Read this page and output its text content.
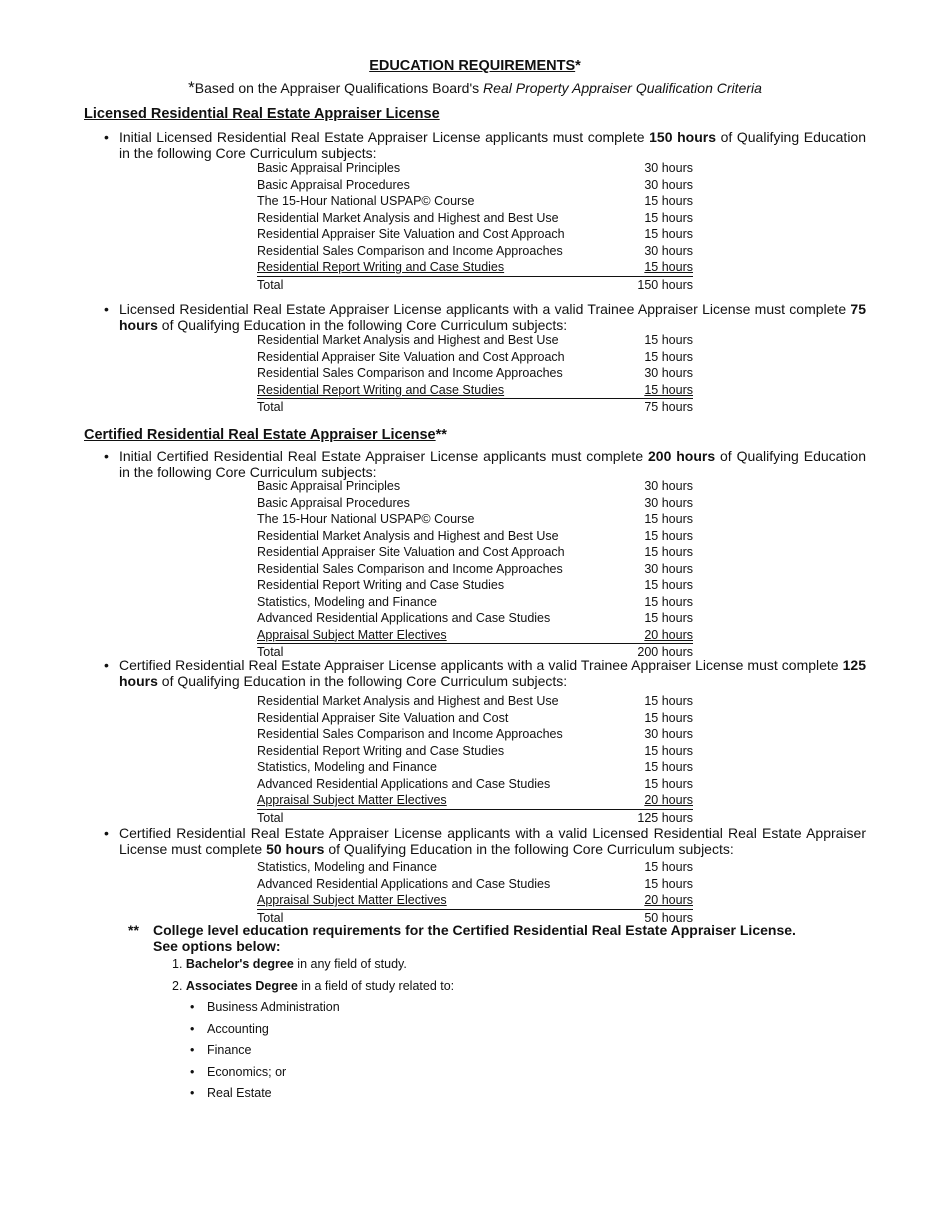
EDUCATION REQUIREMENTS*
*Based on the Appraiser Qualifications Board's Real Property Appraiser Qualification Criteria
Licensed Residential Real Estate Appraiser License
• Initial Licensed Residential Real Estate Appraiser License applicants must complete 150 hours of Qualifying Education in the following Core Curriculum subjects:
Basic Appraisal Principles	30 hours
Basic Appraisal Procedures	30 hours
The 15-Hour National USPAP© Course	15 hours
Residential Market Analysis and Highest and Best Use	15 hours
Residential Appraiser Site Valuation and Cost Approach	15 hours
Residential Sales Comparison and Income Approaches	30 hours
Residential Report Writing and Case Studies	15 hours
Total	150 hours
• Licensed Residential Real Estate Appraiser License applicants with a valid Trainee Appraiser License must complete 75 hours of Qualifying Education in the following Core Curriculum subjects:
Residential Market Analysis and Highest and Best Use	15 hours
Residential Appraiser Site Valuation and Cost Approach	15 hours
Residential Sales Comparison and Income Approaches	30 hours
Residential Report Writing and Case Studies	15 hours
Total	75 hours
Certified Residential Real Estate Appraiser License**
• Initial Certified Residential Real Estate Appraiser License applicants must complete 200 hours of Qualifying Education in the following Core Curriculum subjects:
Basic Appraisal Principles	30 hours
Basic Appraisal Procedures	30 hours
The 15-Hour National USPAP© Course	15 hours
Residential Market Analysis and Highest and Best Use	15 hours
Residential Appraiser Site Valuation and Cost Approach	15 hours
Residential Sales Comparison and Income Approaches	30 hours
Residential Report Writing and Case Studies	15 hours
Statistics, Modeling and Finance	15 hours
Advanced Residential Applications and Case Studies	15 hours
Appraisal Subject Matter Electives	20 hours
Total	200 hours
• Certified Residential Real Estate Appraiser License applicants with a valid Trainee Appraiser License must complete 125 hours of Qualifying Education in the following Core Curriculum subjects:
Residential Market Analysis and Highest and Best Use	15 hours
Residential Appraiser Site Valuation and Cost	15 hours
Residential Sales Comparison and Income Approaches	30 hours
Residential Report Writing and Case Studies	15 hours
Statistics, Modeling and Finance	15 hours
Advanced Residential Applications and Case Studies	15 hours
Appraisal Subject Matter Electives	20 hours
Total	125 hours
• Certified Residential Real Estate Appraiser License applicants with a valid Licensed Residential Real Estate Appraiser License must complete 50 hours of Qualifying Education in the following Core Curriculum subjects:
Statistics, Modeling and Finance	15 hours
Advanced Residential Applications and Case Studies	15 hours
Appraisal Subject Matter Electives	20 hours
Total	50 hours
** College level education requirements for the Certified Residential Real Estate Appraiser License.
See options below:
1. Bachelor's degree in any field of study.
2. Associates Degree in a field of study related to:
• Business Administration
• Accounting
• Finance
• Economics; or
• Real Estate
